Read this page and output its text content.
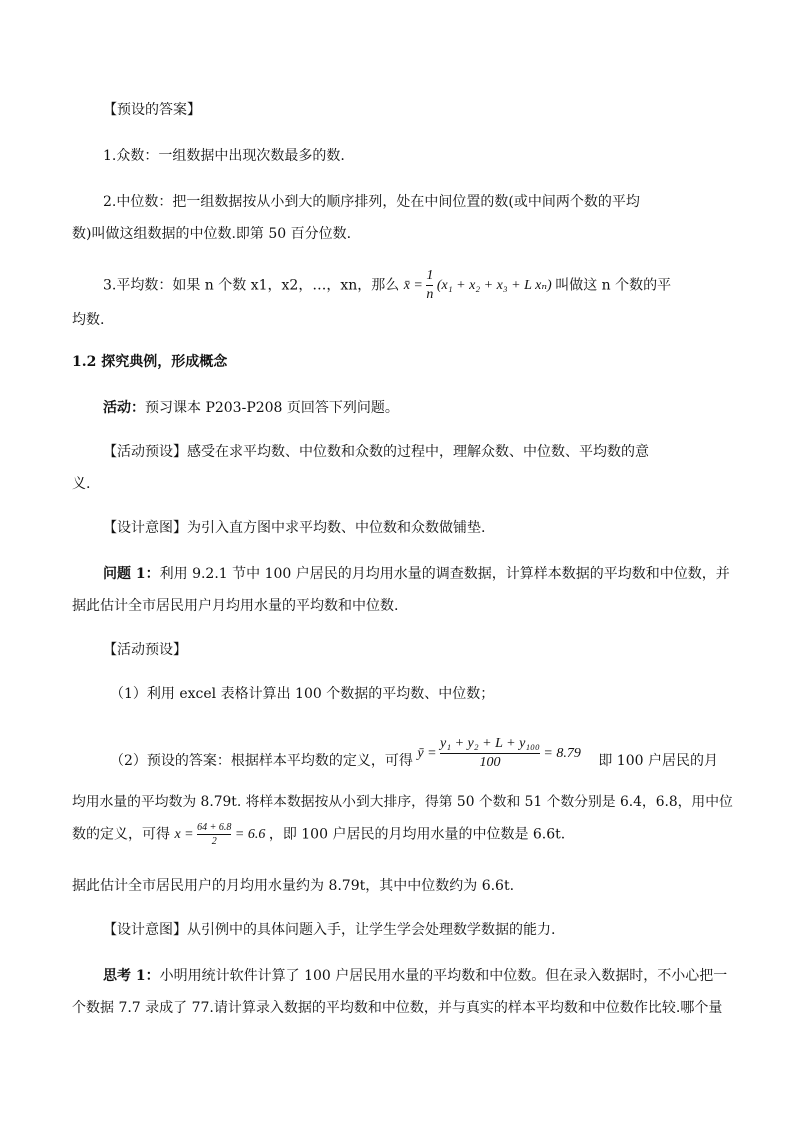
【预设的答案】
1.众数：一组数据中出现次数最多的数.
2.中位数：把一组数据按从小到大的顺序排列，处在中间位置的数(或中间两个数的平均
数)叫做这组数据的中位数.即第 50 百分位数.
3.平均数：如果 n 个数 x1，x2，…，xn，那么 x̄ = $\frac{1}{n} (x_1 + x_2 + x_3 + L$ xₙ) 叫做这 n 个数的平
均数.
1.2 探究典例，形成概念
活动：预习课本 P203-P208 页回答下列问题。
【活动预设】感受在求平均数、中位数和众数的过程中，理解众数、中位数、平均数的意
义.
【设计意图】为引入直方图中求平均数、中位数和众数做铺垫.
问题 1：利用 9.2.1 节中 100 户居民的月均用水量的调查数据，计算样本数据的平均数和中位数，并
据此估计全市居民用户月均用水量的平均数和中位数.
【活动预设】
（1）利用 excel 表格计算出 100 个数据的平均数、中位数；
（2）预设的答案：根据样本平均数的定义，可得 ȳ = $\frac{\text{y₁ + y₂ + L + y₁₀₀}}{100} = 8.79$ 即 100 户居民的月
均用水量的平均数为 8.79t. 将样本数据按从小到大排序，得第 50 个数和 51 个数分别是 6.4，6.8，用中位
数的定义，可得 $x = \frac{64 + 6.8}{2} = 6.6$ ，即 100 户居民的月均用水量的中位数是 6.6t.
据此估计全市居民用户的月均用水量约为 8.79t，其中中位数约为 6.6t.
【设计意图】从引例中的具体问题入手，让学生学会处理数学数据的能力.
思考 1：小明用统计软件计算了 100 户居民用水量的平均数和中位数。但在录入数据时，不小心把一
个数据 7.7 录成了 77.请计算录入数据的平均数和中位数，并与真实的样本平均数和中位数作比较.哪个量
